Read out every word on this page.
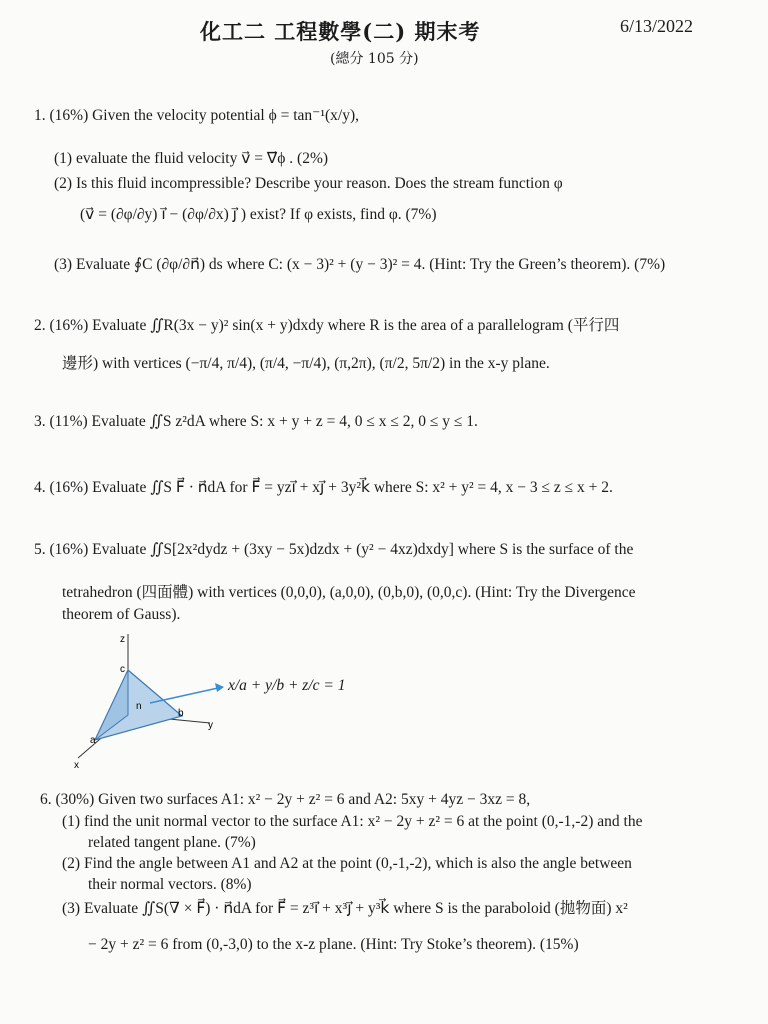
化工二 工程數學(二) 期末考	6/13/2022
(總分 105 分)
1. (16%) Given the velocity potential ϕ = tan⁻¹(x/y),
(1) evaluate the fluid velocity v⃗ = ∇⃗ϕ . (2%)
(2) Is this fluid incompressible? Describe your reason. Does the stream function φ
(v⃗ = (∂φ/∂y) i⃗ − (∂φ/∂x) j⃗ ) exist? If φ exists, find φ. (7%)
(3) Evaluate ∮C (∂φ/∂n⃗) ds where C: (x − 3)² + (y − 3)² = 4. (Hint: Try the Green’s theorem). (7%)
2. (16%) Evaluate ∬R(3x − y)² sin(x + y)dxdy where R is the area of a parallelogram (平行四
邊形) with vertices (−π/4, π/4), (π/4, −π/4), (π,2π), (π/2, 5π/2) in the x-y plane.
3. (11%) Evaluate ∬S z²dA where S: x + y + z = 4, 0 ≤ x ≤ 2, 0 ≤ y ≤ 1.
4. (16%) Evaluate ∬S F⃗ · n⃗dA for F⃗ = yzi⃗ + xj⃗ + 3y²k⃗ where S: x² + y² = 4, x − 3 ≤ z ≤ x + 2.
5. (16%) Evaluate ∬S[2x²dydz + (3xy − 5x)dzdx + (y² − 4xz)dxdy] where S is the surface of the
tetrahedron (四面體) with vertices (0,0,0), (a,0,0), (0,b,0), (0,0,c). (Hint: Try the Divergence
theorem of Gauss).
z
y
x
c
b
a
n
x/a + y/b + z/c = 1
6. (30%) Given two surfaces A1: x² − 2y + z² = 6 and A2: 5xy + 4yz − 3xz = 8,
(1) find the unit normal vector to the surface A1: x² − 2y + z² = 6 at the point (0,-1,-2) and the
related tangent plane. (7%)
(2) Find the angle between A1 and A2 at the point (0,-1,-2), which is also the angle between
their normal vectors. (8%)
(3) Evaluate ∬S(∇ × F⃗) · n⃗dA for F⃗ = z³i⃗ + x³j⃗ + y³k⃗ where S is the paraboloid (拋物面) x²
− 2y + z² = 6 from (0,-3,0) to the x-z plane. (Hint: Try Stoke’s theorem). (15%)
